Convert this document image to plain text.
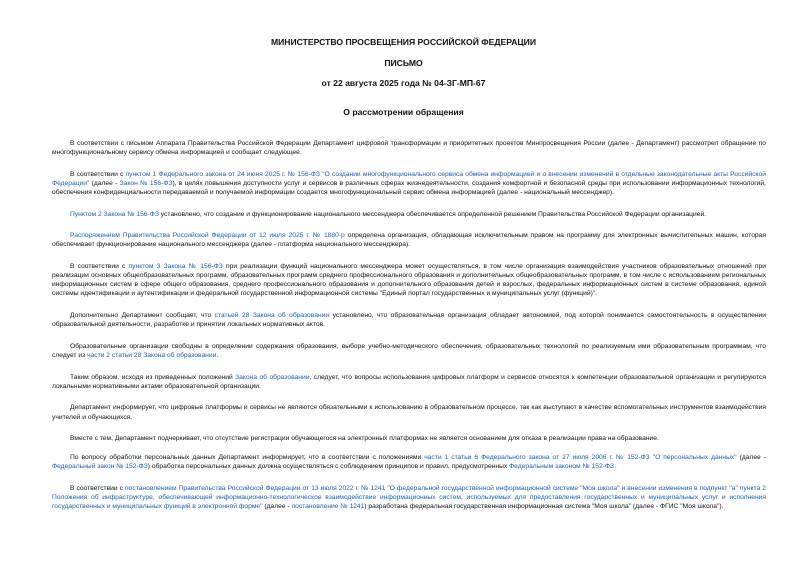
МИНИСТЕРСТВО ПРОСВЕЩЕНИЯ РОССИЙСКОЙ ФЕДЕРАЦИИ
ПИСЬМО
от 22 августа 2025 года № 04-ЗГ-МП-67
О рассмотрении обращения

В соответствии с письмом Аппарата Правительства Российской Федерации Департамент цифровой трансформации и приоритетных проектов Минпросвещения России (далее - Департамент) рассмотрел обращение по многофункциональному сервису обмена информацией и сообщает следующее.

В соответствии с пунктом 1 Федерального закона от 24 июня 2025 г. № 156-ФЗ "О создании многофункционального сервиса обмена информацией и о внесении изменений в отдельные законодательные акты Российской Федерации" (далее - Закон № 156-ФЗ), в целях повышения доступности услуг и сервисов в различных сферах жизнедеятельности, создания комфортной и безопасной среды при использовании информационных технологий, обеспечения конфиденциальности передаваемой и получаемой информации создается многофункциональный сервис обмена информацией (далее - национальный мессенджер).

Пунктом 2 Закона № 156-ФЗ установлено, что создание и функционирование национального мессенджера обеспечивается определенной решением Правительства Российской Федерации организацией.

Распоряжением Правительства Российской Федерации от 12 июля 2025 г. № 1880-р определена организация, обладающая исключительным правом на программу для электронных вычислительных машин, которая обеспечивает функционирование национального мессенджера (далее - платформа национального мессенджера).

В соответствии с пунктом 3 Закона № 156-ФЗ при реализации функций национального мессенджера может осуществляться, в том числе организация взаимодействия участников образовательных отношений при реализации основных общеобразовательных программ, образовательных программ среднего профессионального образования и дополнительных общеобразовательных программ, в том числе с использованием региональных информационных систем в сфере общего образования, среднего профессионального образования и дополнительного образования детей и взрослых, федеральных информационных систем в системе образования, единой системы идентификации и аутентификации и федеральной государственной информационной системы "Единый портал государственных и муниципальных услуг (функций)".

Дополнительно Департамент сообщает, что статьей 28 Закона об образовании установлено, что образовательная организация обладает автономией, под которой понимается самостоятельность в осуществлении образовательной деятельности, разработке и принятии локальных нормативных актов.

Образовательные организации свободны в определении содержания образования, выборе учебно-методического обеспечения, образовательных технологий по реализуемым ими образовательным программам, что следует из части 2 статьи 28 Закона об образовании.

Таким образом, исходя из приведенных положений Закона об образовании, следует, что вопросы использования цифровых платформ и сервисов относятся к компетенции образовательной организации и регулируются локальными нормативными актами образовательной организации.

Департамент информирует, что цифровые платформы и сервисы не являются обязательными к использованию в образовательном процессе, так как выступают в качестве вспомогательных инструментов взаимодействия учителей и обучающихся.

Вместе с тем, Департамент подчеркивает, что отсутствие регистрации обучающегося на электронных платформах не является основанием для отказа в реализации права на образование.

По вопросу обработки персональных данных Департамент информирует, что в соответствии с положениями части 1 статьи 6 Федерального закона от 27 июля 2006 г. № 152-ФЗ "О персональных данных" (далее - Федеральный закон № 152-ФЗ) обработка персональных данных должна осуществляться с соблюдением принципов и правил, предусмотренных Федеральным законом № 152-ФЗ.

В соответствии с постановлением Правительства Российской Федерации от 13 июля 2022 г. № 1241 "О федеральной государственной информационной системе "Моя школа" и внесении изменения в подпункт "а" пункта 2 Положения об инфраструктуре, обеспечивающей информационно-технологическое взаимодействие информационных систем, используемых для предоставления государственных и муниципальных услуг и исполнения государственных и муниципальных функций в электронной форме" (далее - постановление № 1241) разработана федеральная государственная информационная система "Моя школа" (далее - ФГИС "Моя школа").
